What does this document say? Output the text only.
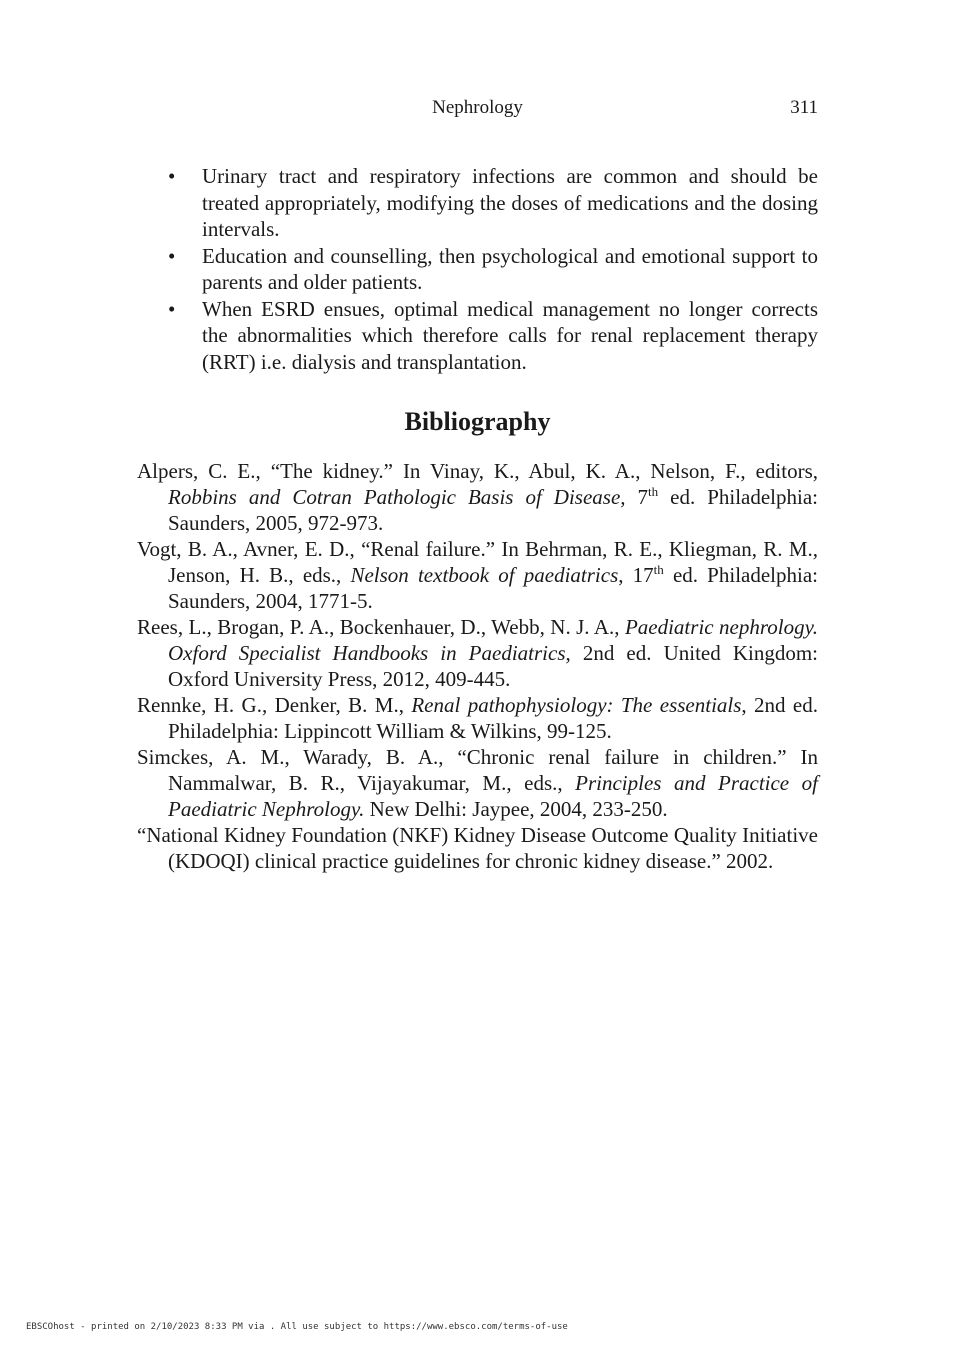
Nephrology	311
• Urinary tract and respiratory infections are common and should be treated appropriately, modifying the doses of medications and the dosing intervals.
• Education and counselling, then psychological and emotional support to parents and older patients.
• When ESRD ensues, optimal medical management no longer corrects the abnormalities which therefore calls for renal replacement therapy (RRT) i.e. dialysis and transplantation.
Bibliography
Alpers, C. E., “The kidney.” In Vinay, K., Abul, K. A., Nelson, F., editors, Robbins and Cotran Pathologic Basis of Disease, 7th ed. Philadelphia: Saunders, 2005, 972-973.
Vogt, B. A., Avner, E. D., “Renal failure.” In Behrman, R. E., Kliegman, R. M., Jenson, H. B., eds., Nelson textbook of paediatrics, 17th ed. Philadelphia: Saunders, 2004, 1771-5.
Rees, L., Brogan, P. A., Bockenhauer, D., Webb, N. J. A., Paediatric nephrology. Oxford Specialist Handbooks in Paediatrics, 2nd ed. United Kingdom: Oxford University Press, 2012, 409-445.
Rennke, H. G., Denker, B. M., Renal pathophysiology: The essentials, 2nd ed. Philadelphia: Lippincott William & Wilkins, 99-125.
Simckes, A. M., Warady, B. A., “Chronic renal failure in children.” In Nammalwar, B. R., Vijayakumar, M., eds., Principles and Practice of Paediatric Nephrology. New Delhi: Jaypee, 2004, 233-250.
“National Kidney Foundation (NKF) Kidney Disease Outcome Quality Initiative (KDOQI) clinical practice guidelines for chronic kidney disease.” 2002.
EBSCOhost - printed on 2/10/2023 8:33 PM via . All use subject to https://www.ebsco.com/terms-of-use
